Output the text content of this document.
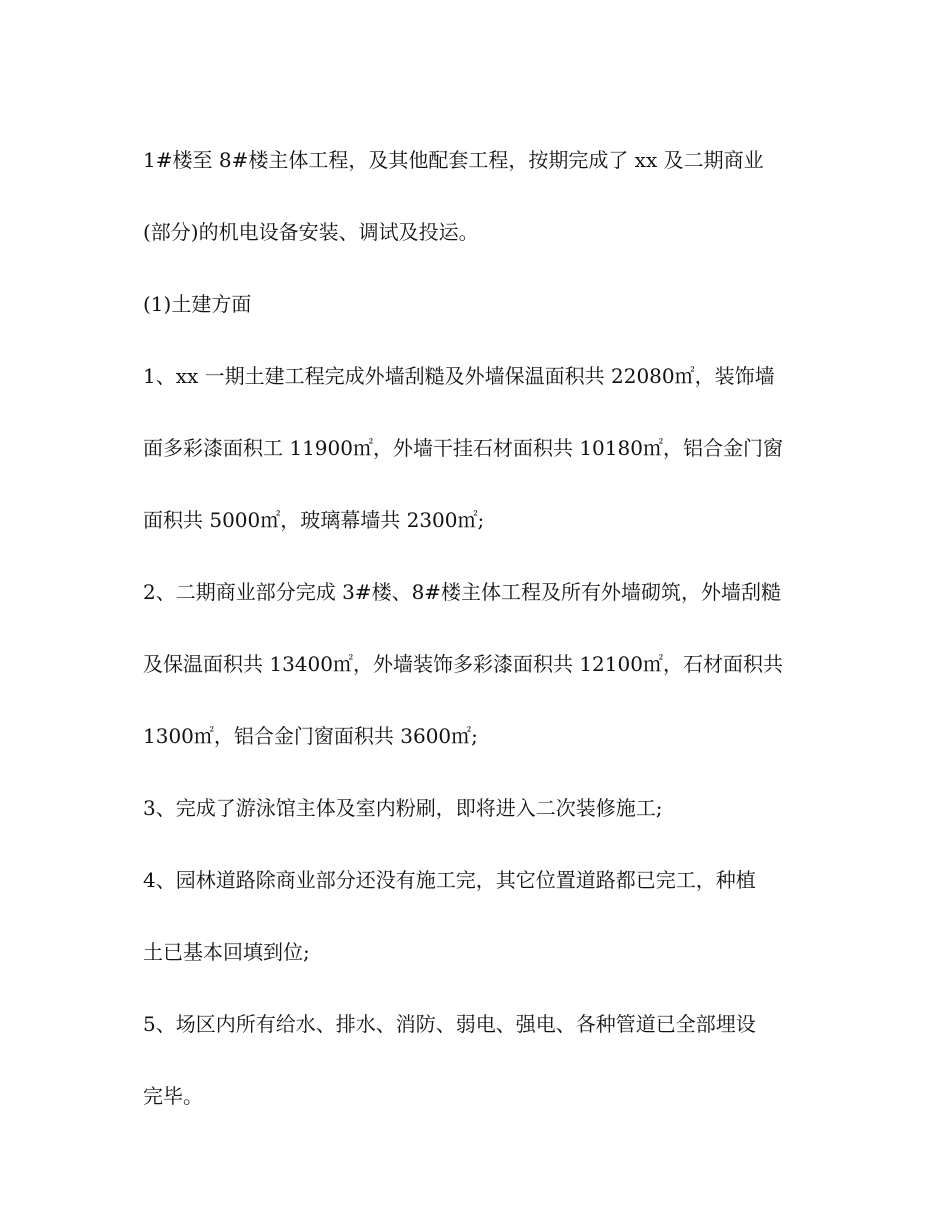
1#楼至 8#楼主体工程，及其他配套工程，按期完成了 xx 及二期商业
(部分)的机电设备安装、调试及投运。

(1)土建方面

1、xx 一期土建工程完成外墙刮糙及外墙保温面积共 22080㎡，装饰墙
面多彩漆面积工 11900㎡，外墙干挂石材面积共 10180㎡，铝合金门窗
面积共 5000㎡，玻璃幕墙共 2300㎡;

2、二期商业部分完成 3#楼、8#楼主体工程及所有外墙砌筑，外墙刮糙
及保温面积共 13400㎡，外墙装饰多彩漆面积共 12100㎡，石材面积共
1300㎡，铝合金门窗面积共 3600㎡;

3、完成了游泳馆主体及室内粉刷，即将进入二次装修施工;

4、园林道路除商业部分还没有施工完，其它位置道路都已完工，种植
土已基本回填到位;

5、场区内所有给水、排水、消防、弱电、强电、各种管道已全部埋设
完毕。
